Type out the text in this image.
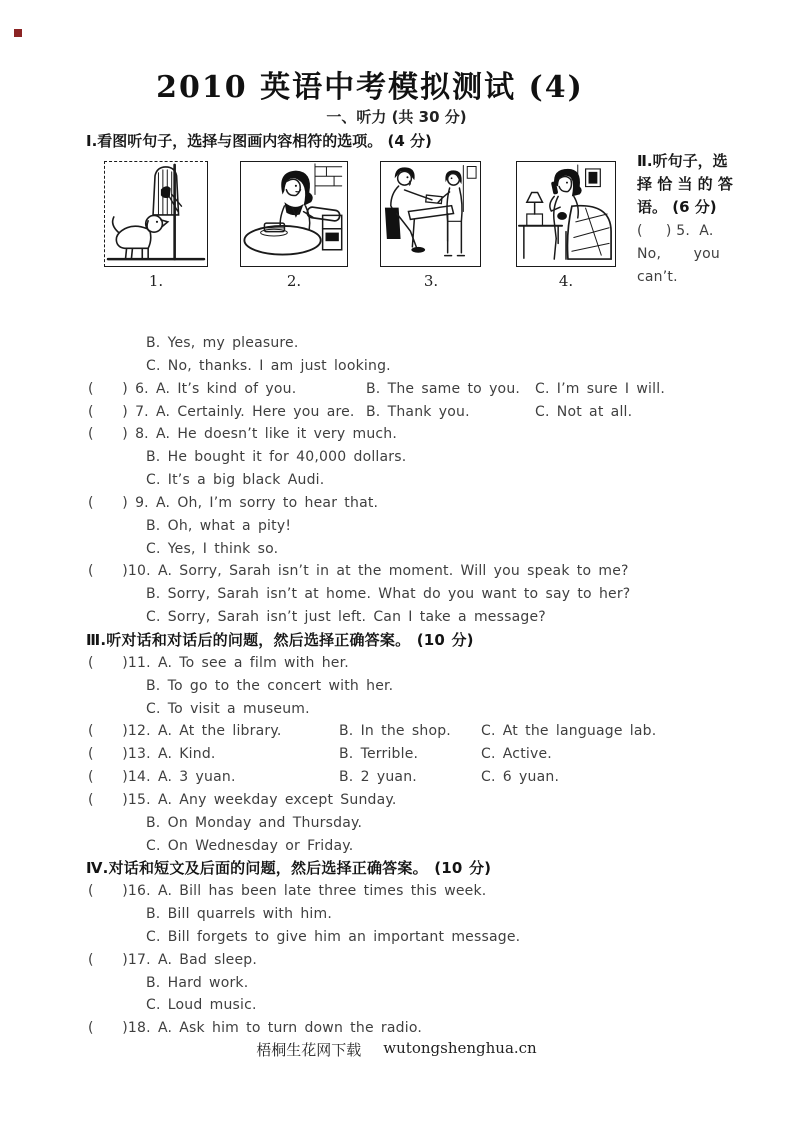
2010 英语中考模拟测试 (4)
一、听力 (共 30 分)
Ⅰ.看图听句子，选择与图画内容相符的选项。 (4 分)
1.	2.	3.	4.
Ⅱ.听句子，选
择 恰 当 的 答
语。 (6 分)
(     ) 5.  A.
No,       you
can’t.
B. Yes, my pleasure.
C. No, thanks. I am just looking.
(    ) 6. A. It’s kind of you.	B. The same to you. C. I’m sure I will.
(    ) 7. A. Certainly. Here you are. B. Thank you.	C. Not at all.
(    ) 8. A. He doesn’t like it very much.
B. He bought it for 40,000 dollars.
C. It’s a big black Audi.
(    ) 9. A. Oh, I’m sorry to hear that.
B. Oh, what a pity!
C. Yes, I think so.
(    )10. A. Sorry, Sarah isn’t in at the moment. Will you speak to me?
B. Sorry, Sarah isn’t at home. What do you want to say to her?
C. Sorry, Sarah isn’t just left. Can I take a message?
Ⅲ.听对话和对话后的问题，然后选择正确答案。 (10 分)
(    )11. A. To see a film with her.
B. To go to the concert with her.
C. To visit a museum.
(    )12. A. At the library.	B. In the shop. C. At the language lab.
(    )13. A. Kind.	B. Terrible.	C. Active.
(    )14. A. 3 yuan.	B. 2 yuan.	C. 6 yuan.
(    )15. A. Any weekday except Sunday.
B. On Monday and Thursday.
C. On Wednesday or Friday.
Ⅳ.对话和短文及后面的问题，然后选择正确答案。 (10 分)
(    )16. A. Bill has been late three times this week.
B. Bill quarrels with him.
C. Bill forgets to give him an important message.
(    )17. A. Bad sleep.
B. Hard work.
C. Loud music.
(    )18. A. Ask him to turn down the radio.
梧桐生花网下载 wutongshenghua.cn
